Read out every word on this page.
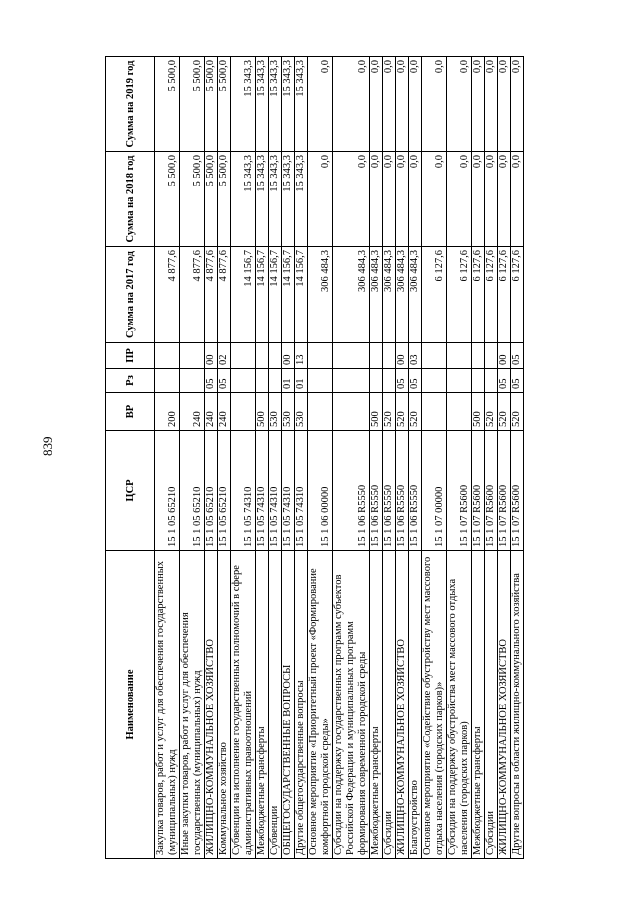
839
Наименование	ЦСР	ВР	Рз	ПР	Сумма на 2017 год	Сумма на 2018 год	Сумма на 2019 год
Закупка товаров, работ и услуг для обеспечения государственных (муниципальных) нужд	15 1 05 65210	200			4 877,6	5 500,0	5 500,0
Иные закупки товаров, работ и услуг для обеспечения государственных (муниципальных) нужд	15 1 05 65210	240			4 877,6	5 500,0	5 500,0
ЖИЛИЩНО-КОММУНАЛЬНОЕ ХОЗЯЙСТВО	15 1 05 65210	240	05	00	4 877,6	5 500,0	5 500,0
Коммунальное хозяйство	15 1 05 65210	240	05	02	4 877,6	5 500,0	5 500,0
Субвенции на исполнение государственных полномочий в сфере административных правоотношений	15 1 05 74310				14 156,7	15 343,3	15 343,3
Межбюджетные трансферты	15 1 05 74310	500			14 156,7	15 343,3	15 343,3
Субвенции	15 1 05 74310	530			14 156,7	15 343,3	15 343,3
ОБЩЕГОСУДАРСТВЕННЫЕ ВОПРОСЫ	15 1 05 74310	530	01	00	14 156,7	15 343,3	15 343,3
Другие общегосударственные вопросы	15 1 05 74310	530	01	13	14 156,7	15 343,3	15 343,3
Основное мероприятие «Приоритетный проект «Формирование комфортной городской среды»	15 1 06 00000				306 484,3	0,0	0,0
Субсидии на поддержку государственных программ субъектов Российской Федерации и муниципальных программ формирования современной городской среды	15 1 06 R5550				306 484,3	0,0	0,0
Межбюджетные трансферты	15 1 06 R5550	500			306 484,3	0,0	0,0
Субсидии	15 1 06 R5550	520			306 484,3	0,0	0,0
ЖИЛИЩНО-КОММУНАЛЬНОЕ ХОЗЯЙСТВО	15 1 06 R5550	520	05	00	306 484,3	0,0	0,0
Благоустройство	15 1 06 R5550	520	05	03	306 484,3	0,0	0,0
Основное мероприятие «Содействие обустройству мест массового отдыха населения (городских парков)»	15 1 07 00000				6 127,6	0,0	0,0
Субсидии на поддержку обустройства мест массового отдыха населения (городских парков)	15 1 07 R5600				6 127,6	0,0	0,0
Межбюджетные трансферты	15 1 07 R5600	500			6 127,6	0,0	0,0
Субсидии	15 1 07 R5600	520			6 127,6	0,0	0,0
ЖИЛИЩНО-КОММУНАЛЬНОЕ ХОЗЯЙСТВО	15 1 07 R5600	520	05	00	6 127,6	0,0	0,0
Другие вопросы в области жилищно-коммунального хозяйства	15 1 07 R5600	520	05	05	6 127,6	0,0	0,0
